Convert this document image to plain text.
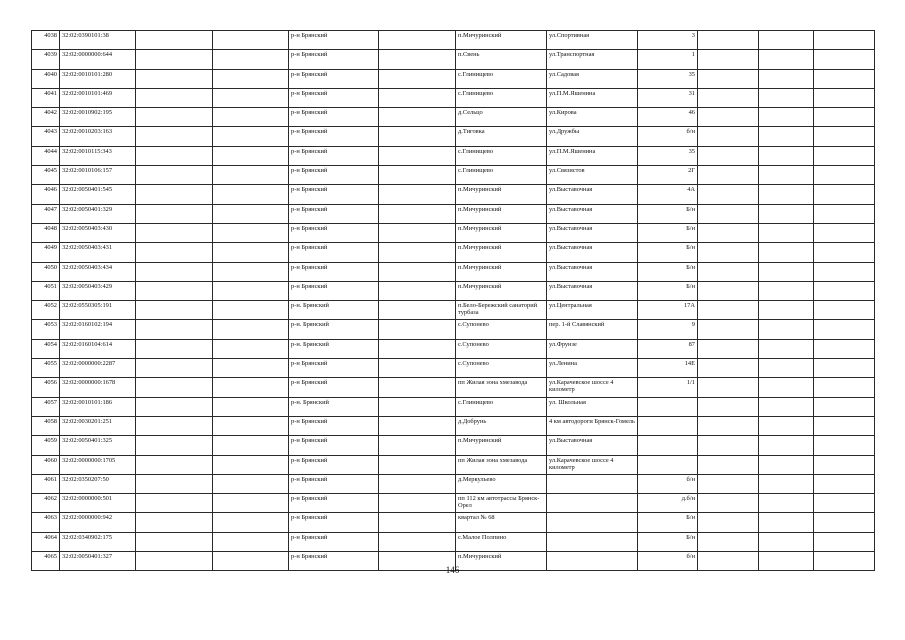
4038	32:02:0390101:38			р-н Брянский		п.Мичуринский	ул.Спортивная	3			
4039	32:02:0000000:644			р-н Брянский		п.Свень	ул.Транспортная	1			
4040	32:02:0010101:280			р-н Брянский		с.Глинищево	ул.Садовая	35			
4041	32:02:0010101:469			р-н Брянский		с.Глинищево	ул.П.М.Яшенина	31			
4042	32:02:0010902:195			р-н Брянский		д.Сельцо	ул.Кирова	46			
4043	32:02:0010203:163			р-н Брянский		д.Тиговка	ул.Дружбы	б/н			
4044	32:02:0010115:343			р-н Брянский		с.Глинищево	ул.П.М.Яшенина	35			
4045	32:02:0010106:157			р-н Брянский		с.Глинищево	ул.Связистов	2Г			
4046	32:02:0050401:545			р-н Брянский		п.Мичуринский	ул.Выставочная	4А			
4047	32:02:0050401:329			р-н Брянский		п.Мичуринский	ул.Выставочная	Б/н			
4048	32:02:0050403:430			р-н Брянский		п.Мичуринский	ул.Выставочная	Б/н			
4049	32:02:0050403:431			р-н Брянский		п.Мичуринский	ул.Выставочная	Б/н			
4050	32:02:0050403:434			р-н Брянский		п.Мичуринский	ул.Выставочная	Б/н			
4051	32:02:0050403:429			р-н Брянский		п.Мичуринский	ул.Выставочная	Б/н			
4052	32:02:0550305:191			р-н. Брянский		п.Бело-Бережский санаторий турбаза	ул.Центральная	17А			
4053	32:02:0160102:194			р-н. Брянский		с.Супонево	пер. 1-й Славянский	9			
4054	32:02:0160104:614			р-н. Брянский		с.Супонево	ул.Фрунзе	87			
4055	32:02:0000000:2287			р-н Брянский		с.Супонево	ул.Ленина	14Е			
4056	32:02:0000000:1678			р-н Брянский		пп Жилая зона хмезавода	ул.Карачевское шоссе 4 километр	1/1			
4057	32:02:0010101:186			р-н. Брянский		с.Глинищево	ул. Школьная				
4058	32:02:0030201:251			р-н Брянский		д.Добрунь	4 км автодороги Брянск-Гомель				
4059	32:02:0050401:325			р-н Брянский		п.Мичуринский	ул.Выставочная				
4060	32:02:0000000:1705			р-н Брянский		пп Жилая зона хмезавода	ул.Карачевское шоссе 4 километр				
4061	32:02:0350207:50			р-н Брянский		д.Меркульево		б/н			
4062	32:02:0000000:501			р-н Брянский		пп 112 км автотрассы Брянск-Орел		д.б/н			
4063	32:02:0000000:942			р-н Брянский		квартал № 68		Б/н			
4064	32:02:0340902:175			р-н Брянский		с.Малое Полпино		Б/н			
4065	32:02:0050401:327			р-н Брянский		п.Мичуринский		б/н			
146
